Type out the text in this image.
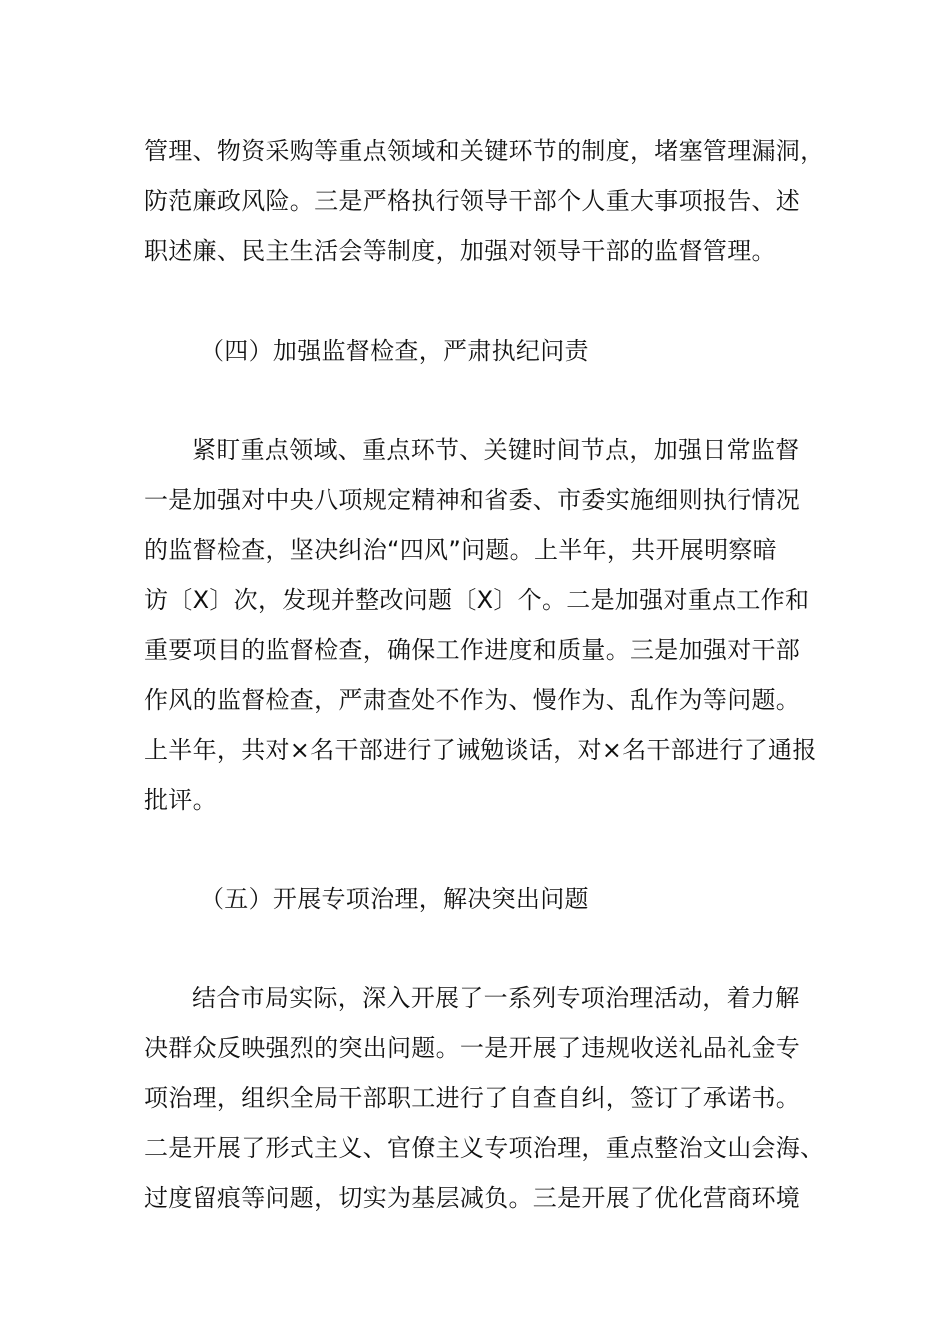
管理、物资采购等重点领域和关键环节的制度，堵塞管理漏洞，
防范廉政风险。三是严格执行领导干部个人重大事项报告、述
职述廉、民主生活会等制度，加强对领导干部的监督管理。
（四）加强监督检查，严肃执纪问责
紧盯重点领域、重点环节、关键时间节点，加强日常监督
一是加强对中央八项规定精神和省委、市委实施细则执行情况
的监督检查，坚决纠治“四风”问题。上半年，共开展明察暗
访〔X〕次，发现并整改问题〔X〕个。二是加强对重点工作和
重要项目的监督检查，确保工作进度和质量。三是加强对干部
作风的监督检查，严肃查处不作为、慢作为、乱作为等问题。
上半年，共对×名干部进行了诫勉谈话，对×名干部进行了通报
批评。
（五）开展专项治理，解决突出问题
结合市局实际，深入开展了一系列专项治理活动，着力解
决群众反映强烈的突出问题。一是开展了违规收送礼品礼金专
项治理，组织全局干部职工进行了自查自纠，签订了承诺书。
二是开展了形式主义、官僚主义专项治理，重点整治文山会海、
过度留痕等问题，切实为基层减负。三是开展了优化营商环境
